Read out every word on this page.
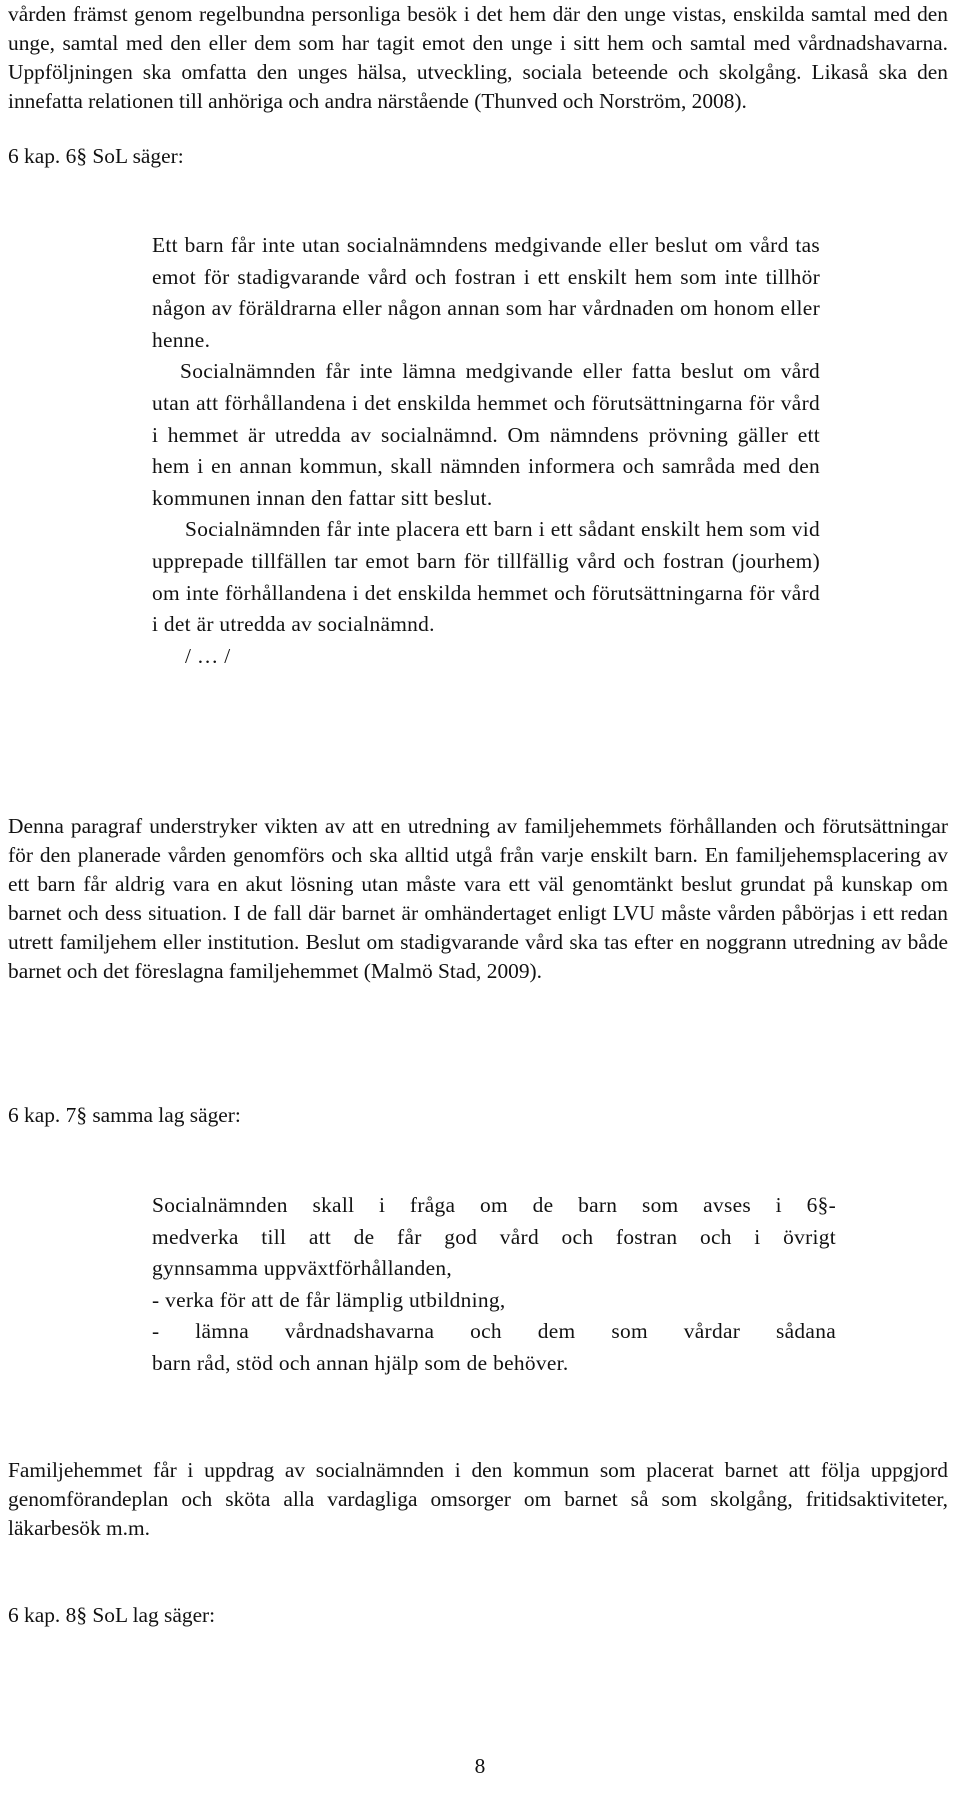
vården främst genom regelbundna personliga besök i det hem där den unge vistas, enskilda samtal med den unge, samtal med den eller dem som har tagit emot den unge i sitt hem och samtal med vårdnadshavarna. Uppföljningen ska omfatta den unges hälsa, utveckling, sociala beteende och skolgång. Likaså ska den innefatta relationen till anhöriga och andra närstående (Thunved och Norström, 2008).

6 kap. 6§ SoL säger:

Ett barn får inte utan socialnämndens medgivande eller beslut om vård tas emot för stadigvarande vård och fostran i ett enskilt hem som inte tillhör någon av föräldrarna eller någon annan som har vårdnaden om honom eller henne.
Socialnämnden får inte lämna medgivande eller fatta beslut om vård utan att förhållandena i det enskilda hemmet och förutsättningarna för vård i hemmet är utredda av socialnämnd. Om nämndens prövning gäller ett hem i en annan kommun, skall nämnden informera och samråda med den kommunen innan den fattar sitt beslut.
Socialnämnden får inte placera ett barn i ett sådant enskilt hem som vid upprepade tillfällen tar emot barn för tillfällig vård och fostran (jourhem) om inte förhållandena i det enskilda hemmet och förutsättningarna för vård i det är utredda av socialnämnd.
/ … /

Denna paragraf understryker vikten av att en utredning av familjehemmets förhållanden och förutsättningar för den planerade vården genomförs och ska alltid utgå från varje enskilt barn. En familjehemsplacering av ett barn får aldrig vara en akut lösning utan måste vara ett väl genomtänkt beslut grundat på kunskap om barnet och dess situation. I de fall där barnet är omhändertaget enligt LVU måste vården påbörjas i ett redan utrett familjehem eller institution. Beslut om stadigvarande vård ska tas efter en noggrann utredning av både barnet och det föreslagna familjehemmet (Malmö Stad, 2009).

6 kap. 7§ samma lag säger:

Socialnämnden skall i fråga om de barn som avses i 6§-
medverka till att de får god vård och fostran och i övrigt
gynnsamma uppväxtförhållanden,
- verka för att de får lämplig utbildning,
- lämna vårdnadshavarna och dem som vårdar sådana
barn råd, stöd och annan hjälp som de behöver.

Familjehemmet får i uppdrag av socialnämnden i den kommun som placerat barnet att följa uppgjord genomförandeplan och sköta alla vardagliga omsorger om barnet så som skolgång, fritidsaktiviteter, läkarbesök m.m.

6 kap. 8§ SoL lag säger:

8
